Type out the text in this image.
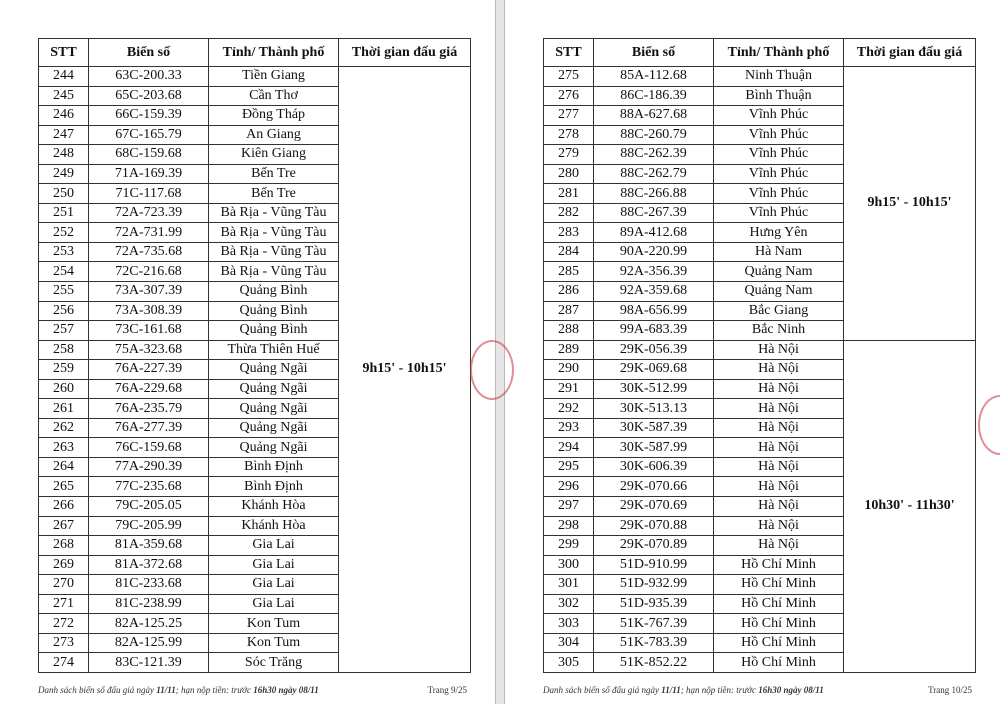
STT	Biển số	Tỉnh/ Thành phố	Thời gian đấu giá
244	63C-200.33	Tiền Giang	9h15' - 10h15'
245	65C-203.68	Cần Thơ	
246	66C-159.39	Đồng Tháp	
247	67C-165.79	An Giang	
248	68C-159.68	Kiên Giang	
249	71A-169.39	Bến Tre	
250	71C-117.68	Bến Tre	
251	72A-723.39	Bà Rịa - Vũng Tàu	
252	72A-731.99	Bà Rịa - Vũng Tàu	
253	72A-735.68	Bà Rịa - Vũng Tàu	
254	72C-216.68	Bà Rịa - Vũng Tàu	
255	73A-307.39	Quảng Bình	
256	73A-308.39	Quảng Bình	
257	73C-161.68	Quảng Bình	
258	75A-323.68	Thừa Thiên Huế	
259	76A-227.39	Quảng Ngãi	
260	76A-229.68	Quảng Ngãi	
261	76A-235.79	Quảng Ngãi	
262	76A-277.39	Quảng Ngãi	
263	76C-159.68	Quảng Ngãi	
264	77A-290.39	Bình Định	
265	77C-235.68	Bình Định	
266	79C-205.05	Khánh Hòa	
267	79C-205.99	Khánh Hòa	
268	81A-359.68	Gia Lai	
269	81A-372.68	Gia Lai	
270	81C-233.68	Gia Lai	
271	81C-238.99	Gia Lai	
272	82A-125.25	Kon Tum	
273	82A-125.99	Kon Tum	
274	83C-121.39	Sóc Trăng	
Danh sách biển số đấu giá ngày 11/11; hạn nộp tiền: trước 16h30 ngày 08/11	Trang 9/25
STT	Biển số	Tỉnh/ Thành phố	Thời gian đấu giá
275	85A-112.68	Ninh Thuận	9h15' - 10h15'
276	86C-186.39	Bình Thuận	
277	88A-627.68	Vĩnh Phúc	
278	88C-260.79	Vĩnh Phúc	
279	88C-262.39	Vĩnh Phúc	
280	88C-262.79	Vĩnh Phúc	
281	88C-266.88	Vĩnh Phúc	
282	88C-267.39	Vĩnh Phúc	
283	89A-412.68	Hưng Yên	
284	90A-220.99	Hà Nam	
285	92A-356.39	Quảng Nam	
286	92A-359.68	Quảng Nam	
287	98A-656.99	Bắc Giang	
288	99A-683.39	Bắc Ninh	
289	29K-056.39	Hà Nội	10h30' - 11h30'
290	29K-069.68	Hà Nội	
291	30K-512.99	Hà Nội	
292	30K-513.13	Hà Nội	
293	30K-587.39	Hà Nội	
294	30K-587.99	Hà Nội	
295	30K-606.39	Hà Nội	
296	29K-070.66	Hà Nội	
297	29K-070.69	Hà Nội	
298	29K-070.88	Hà Nội	
299	29K-070.89	Hà Nội	
300	51D-910.99	Hồ Chí Minh	
301	51D-932.99	Hồ Chí Minh	
302	51D-935.39	Hồ Chí Minh	
303	51K-767.39	Hồ Chí Minh	
304	51K-783.39	Hồ Chí Minh	
305	51K-852.22	Hồ Chí Minh	
Danh sách biển số đấu giá ngày 11/11; hạn nộp tiền: trước 16h30 ngày 08/11	Trang 10/25
